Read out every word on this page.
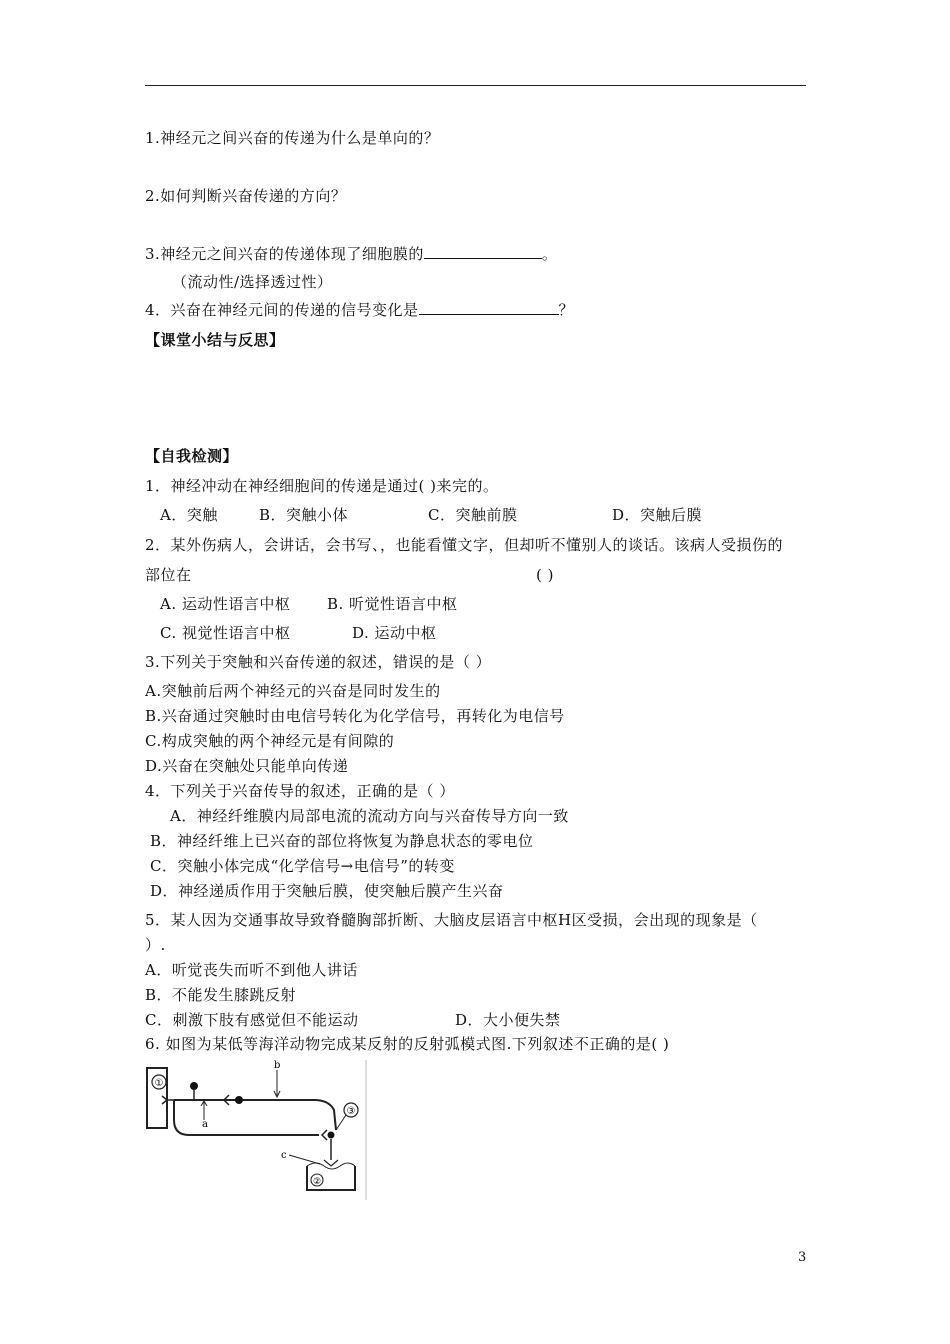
1.神经元之间兴奋的传递为什么是单向的？
2.如何判断兴奋传递的方向？
3.神经元之间兴奋的传递体现了细胞膜的	。
（流动性/选择透过性）
4．兴奋在神经元间的传递的信号变化是	？
【课堂小结与反思】
【自我检测】
1．神经冲动在神经细胞间的传递是通过( )来完的。
A．突触	B．突触小体	C．突触前膜	D．突触后膜
2．某外伤病人，会讲话，会书写、，也能看懂文字，但却听不懂别人的谈话。该病人受损伤的
部位在	( )
A. 运动性语言中枢 B. 听觉性语言中枢
C. 视觉性语言中枢	D. 运动中枢
3.下列关于突触和兴奋传递的叙述，错误的是（ ）
A.突触前后两个神经元的兴奋是同时发生的
B.兴奋通过突触时由电信号转化为化学信号，再转化为电信号
C.构成突触的两个神经元是有间隙的
D.兴奋在突触处只能单向传递
4．下列关于兴奋传导的叙述，正确的是（ ）
A．神经纤维膜内局部电流的流动方向与兴奋传导方向一致
B．神经纤维上已兴奋的部位将恢复为静息状态的零电位
C．突触小体完成“化学信号→电信号”的转变
D．神经递质作用于突触后膜，使突触后膜产生兴奋
5．某人因为交通事故导致脊髓胸部折断、大脑皮层语言中枢H区受损，会出现的现象是（
）.
A．听觉丧失而听不到他人讲话
B．不能发生膝跳反射
C．刺激下肢有感觉但不能运动	D．大小便失禁
6. 如图为某低等海洋动物完成某反射的反射弧模式图.下列叙述不正确的是( )
①
a
b
③
c
②
3
